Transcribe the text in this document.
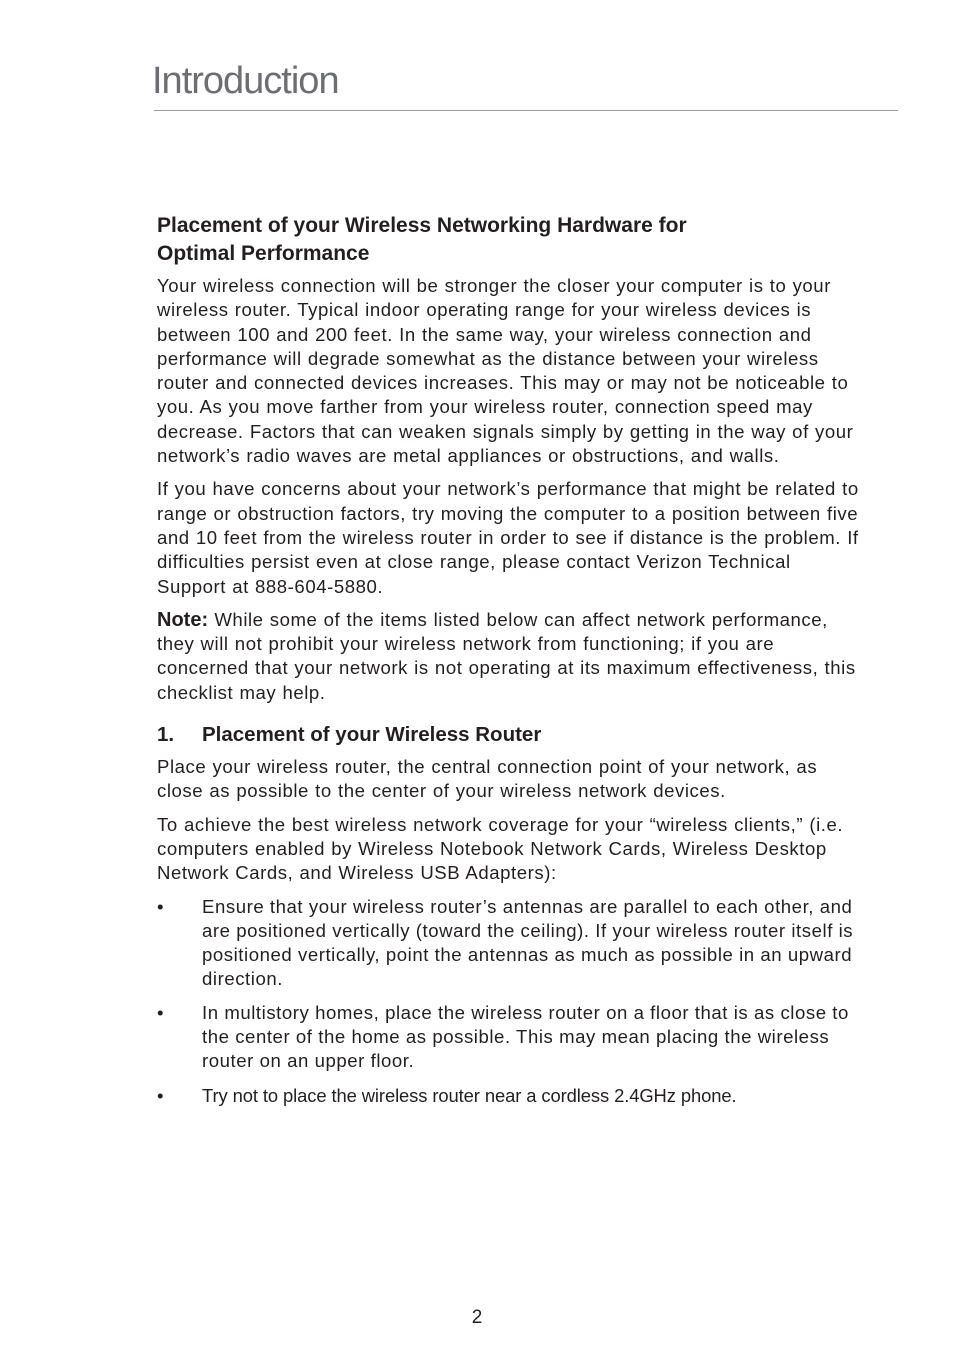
Introduction
Placement of your Wireless Networking Hardware for
Optimal Performance

Your wireless connection will be stronger the closer your computer is to your wireless router. Typical indoor operating range for your wireless devices is between 100 and 200 feet. In the same way, your wireless connection and performance will degrade somewhat as the distance between your wireless router and connected devices increases. This may or may not be noticeable to you. As you move farther from your wireless router, connection speed may decrease. Factors that can weaken signals simply by getting in the way of your network’s radio waves are metal appliances or obstructions, and walls.

If you have concerns about your network’s performance that might be related to range or obstruction factors, try moving the computer to a position between five and 10 feet from the wireless router in order to see if distance is the problem. If difficulties persist even at close range, please contact Verizon Technical Support at 888-604-5880.

Note: While some of the items listed below can affect network performance, they will not prohibit your wireless network from functioning; if you are concerned that your network is not operating at its maximum effectiveness, this checklist may help.

1.	Placement of your Wireless Router

Place your wireless router, the central connection point of your network, as close as possible to the center of your wireless network devices.

To achieve the best wireless network coverage for your “wireless clients,” (i.e. computers enabled by Wireless Notebook Network Cards, Wireless Desktop Network Cards, and Wireless USB Adapters):

•	Ensure that your wireless router’s antennas are parallel to each other, and are positioned vertically (toward the ceiling). If your wireless router itself is positioned vertically, point the antennas as much as possible in an upward direction.
•	In multistory homes, place the wireless router on a floor that is as close to the center of the home as possible. This may mean placing the wireless router on an upper floor.
•	Try not to place the wireless router near a cordless 2.4GHz phone.
2
